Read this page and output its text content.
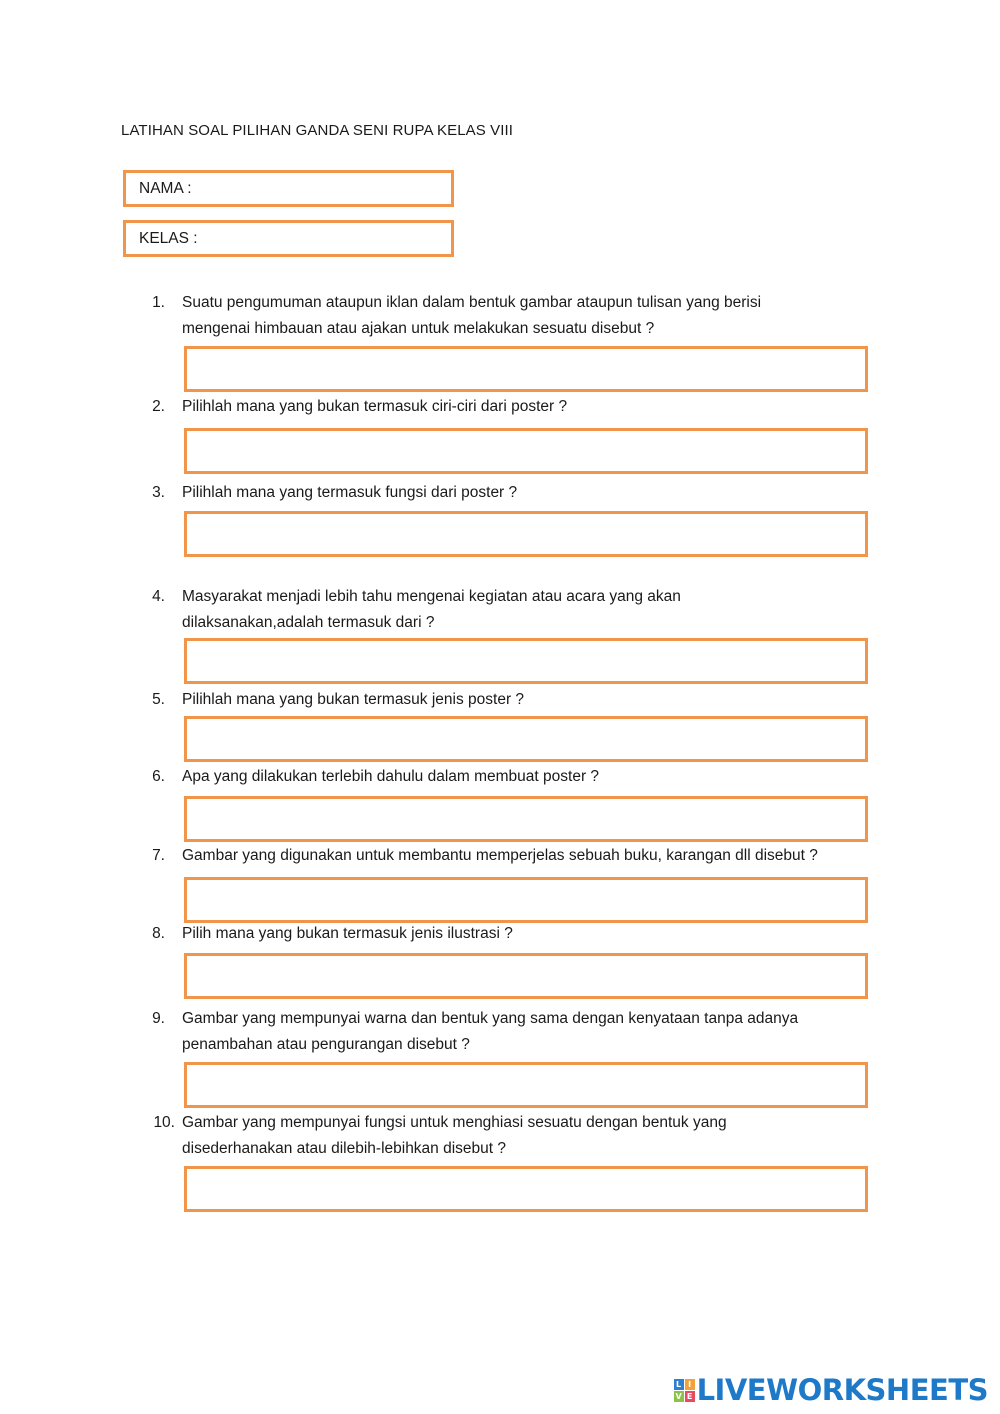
LATIHAN SOAL PILIHAN GANDA SENI RUPA KELAS VIII
NAMA :
KELAS :
1. Suatu pengumuman ataupun iklan dalam bentuk gambar ataupun tulisan yang berisi
mengenai himbauan atau ajakan untuk melakukan sesuatu disebut ?
2. Pilihlah mana yang bukan termasuk ciri-ciri dari poster ?
3. Pilihlah mana yang termasuk fungsi dari poster ?
4. Masyarakat menjadi lebih tahu mengenai kegiatan atau acara yang akan
dilaksanakan,adalah termasuk dari ?
5. Pilihlah mana yang bukan termasuk jenis poster ?
6. Apa yang dilakukan terlebih dahulu dalam membuat poster ?
7. Gambar yang digunakan untuk membantu memperjelas sebuah buku, karangan dll disebut ?
8. Pilih mana yang bukan termasuk jenis ilustrasi ?
9. Gambar yang mempunyai warna dan bentuk yang sama dengan kenyataan tanpa adanya
penambahan atau pengurangan disebut ?
10. Gambar yang mempunyai fungsi untuk menghiasi sesuatu dengan bentuk yang
disederhanakan atau dilebih-lebihkan disebut ?
L I
V E LIVEWORKSHEETS
